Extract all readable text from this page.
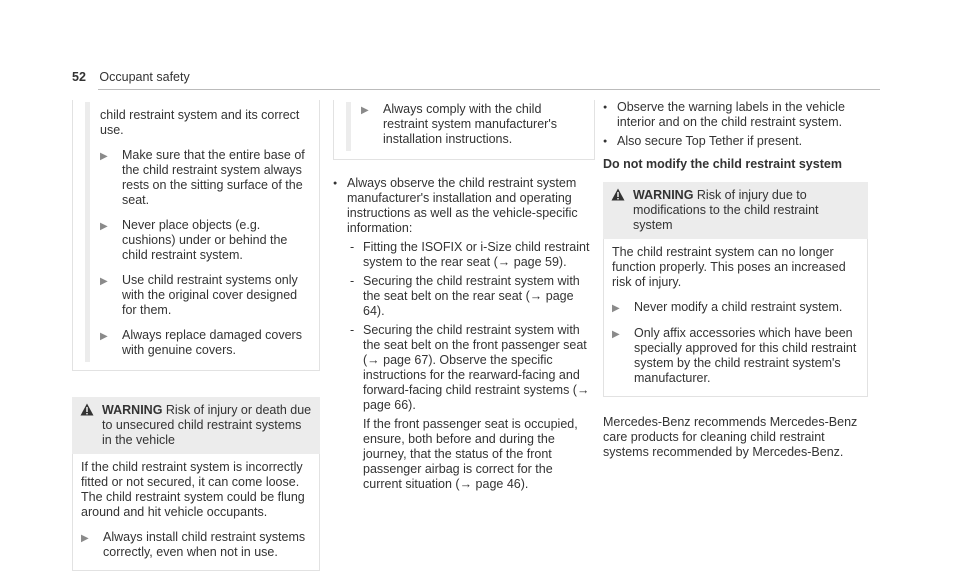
52 Occupant safety

child restraint system and its correct use.

▶	Make sure that the entire base of the child restraint system always rests on the sitting surface of the seat.
▶	Never place objects (e.g. cushions) under or behind the child restraint system.
▶	Use child restraint systems only with the original cover designed for them.
▶	Always replace damaged covers with genuine covers.
WARNING Risk of injury or death due to unsecured child restraint systems in the vehicle

If the child restraint system is incorrectly fitted or not secured, it can come loose.

The child restraint system could be flung around and hit vehicle occupants.

▶	Always install child restraint systems correctly, even when not in use.
▶	Always comply with the child restraint system manufacturer's installation instructions.
● Always observe the child restraint system manufacturer's installation and operating instructions as well as the vehicle-specific information:
- Fitting the ISOFIX or i-Size child restraint system to the rear seat (→ page 59).
- Securing the child restraint system with the seat belt on the rear seat (→ page 64).
- Securing the child restraint system with the seat belt on the front passenger seat (→ page 67). Observe the specific instructions for the rearward-facing and forward-facing child restraint systems (→ page 66).

If the front passenger seat is occupied, ensure, both before and during the journey, that the status of the front passenger airbag is correct for the current situation (→ page 46).

● Observe the warning labels in the vehicle interior and on the child restraint system.
● Also secure Top Tether if present.
Do not modify the child restraint system
WARNING Risk of injury due to modifications to the child restraint system

The child restraint system can no longer function properly. This poses an increased risk of injury.

▶	Never modify a child restraint system.
▶	Only affix accessories which have been specially approved for this child restraint system by the child restraint system's manufacturer.

Mercedes-Benz recommends Mercedes-Benz care products for cleaning child restraint systems recommended by Mercedes-Benz.
